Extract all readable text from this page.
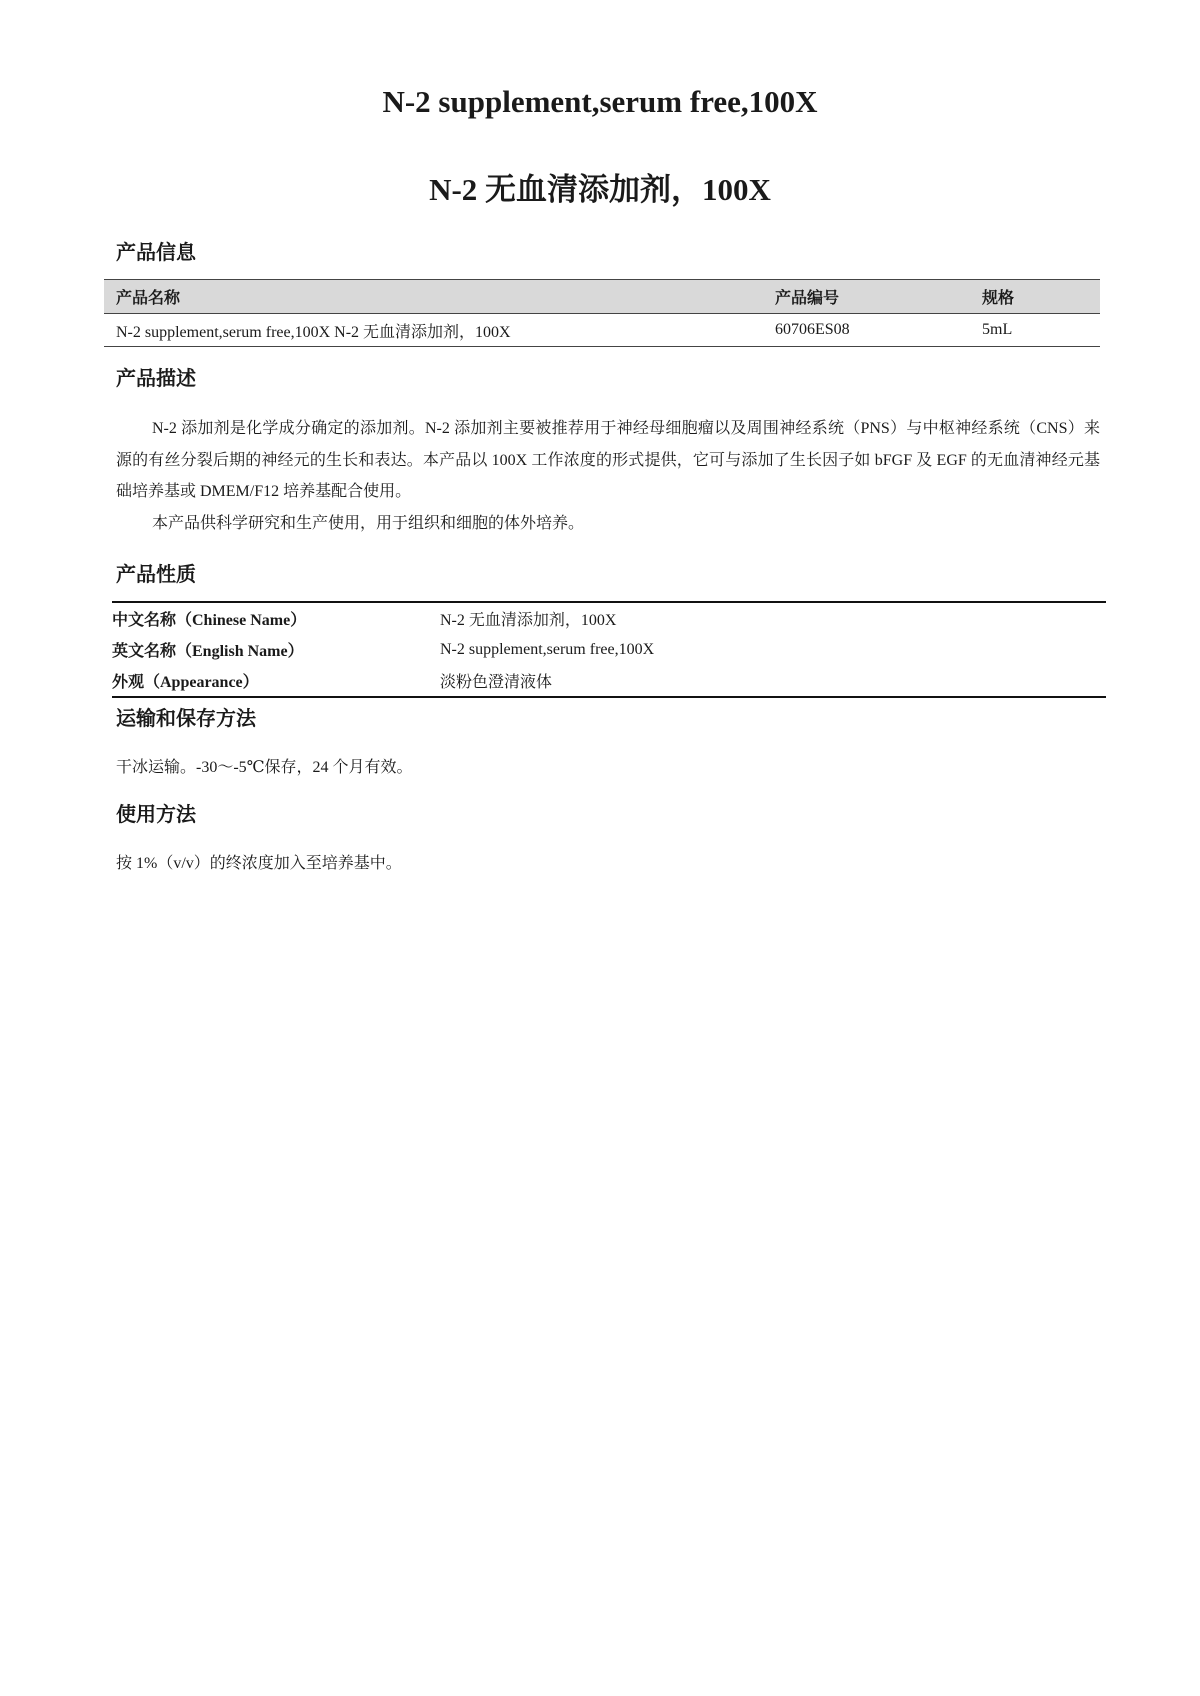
N-2 supplement,serum free,100X
N-2 无血清添加剂，100X
产品信息
产品名称	产品编号	规格
N-2 supplement,serum free,100X N-2 无血清添加剂，100X	60706ES08	5mL
产品描述

N-2 添加剂是化学成分确定的添加剂。N-2 添加剂主要被推荐用于神经母细胞瘤以及周围神经系统（PNS）与中枢神经系统（CNS）来源的有丝分裂后期的神经元的生长和表达。本产品以 100X 工作浓度的形式提供，它可与添加了生长因子如 bFGF 及 EGF 的无血清神经元基础培养基或 DMEM/F12 培养基配合使用。

本产品供科学研究和生产使用，用于组织和细胞的体外培养。

产品性质
中文名称（Chinese Name）	N-2 无血清添加剂，100X
英文名称（English Name）	N-2 supplement,serum free,100X
外观（Appearance）	淡粉色澄清液体
运输和保存方法

干冰运输。-30～-5℃保存，24 个月有效。

使用方法

按 1%（v/v）的终浓度加入至培养基中。
